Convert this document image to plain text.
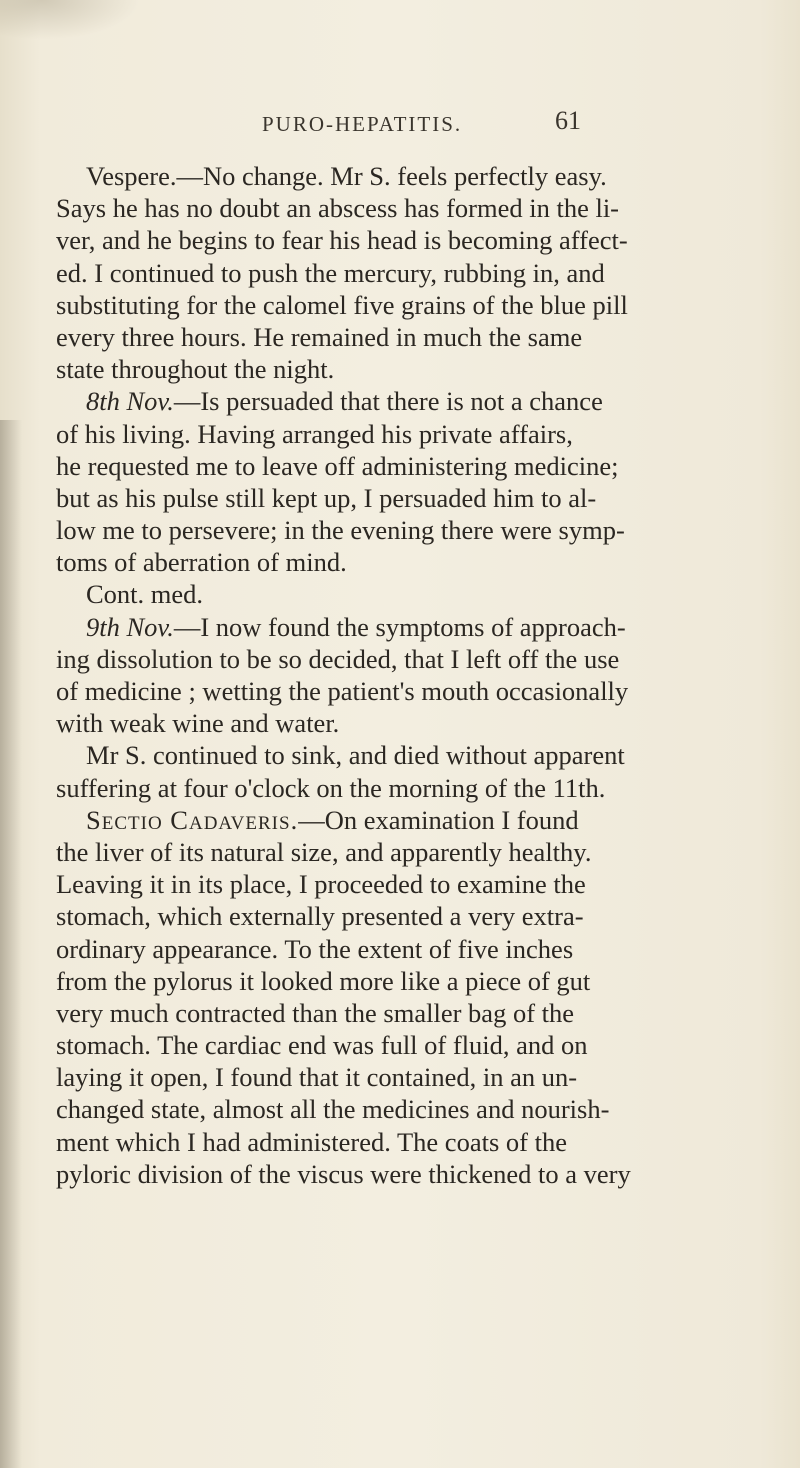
PURO-HEPATITIS.	61
Vespere.—No change. Mr S. feels perfectly easy.
Says he has no doubt an abscess has formed in the li-
ver, and he begins to fear his head is becoming affect-
ed. I continued to push the mercury, rubbing in, and
substituting for the calomel five grains of the blue pill
every three hours. He remained in much the same
state throughout the night.
8th Nov.—Is persuaded that there is not a chance
of his living. Having arranged his private affairs,
he requested me to leave off administering medicine;
but as his pulse still kept up, I persuaded him to al-
low me to persevere; in the evening there were symp-
toms of aberration of mind.
Cont. med.
9th Nov.—I now found the symptoms of approach-
ing dissolution to be so decided, that I left off the use
of medicine ; wetting the patient's mouth occasionally
with weak wine and water.
Mr S. continued to sink, and died without apparent
suffering at four o'clock on the morning of the 11th.
Sectio Cadaveris.—On examination I found
the liver of its natural size, and apparently healthy.
Leaving it in its place, I proceeded to examine the
stomach, which externally presented a very extra-
ordinary appearance. To the extent of five inches
from the pylorus it looked more like a piece of gut
very much contracted than the smaller bag of the
stomach. The cardiac end was full of fluid, and on
laying it open, I found that it contained, in an un-
changed state, almost all the medicines and nourish-
ment which I had administered. The coats of the
pyloric division of the viscus were thickened to a very
